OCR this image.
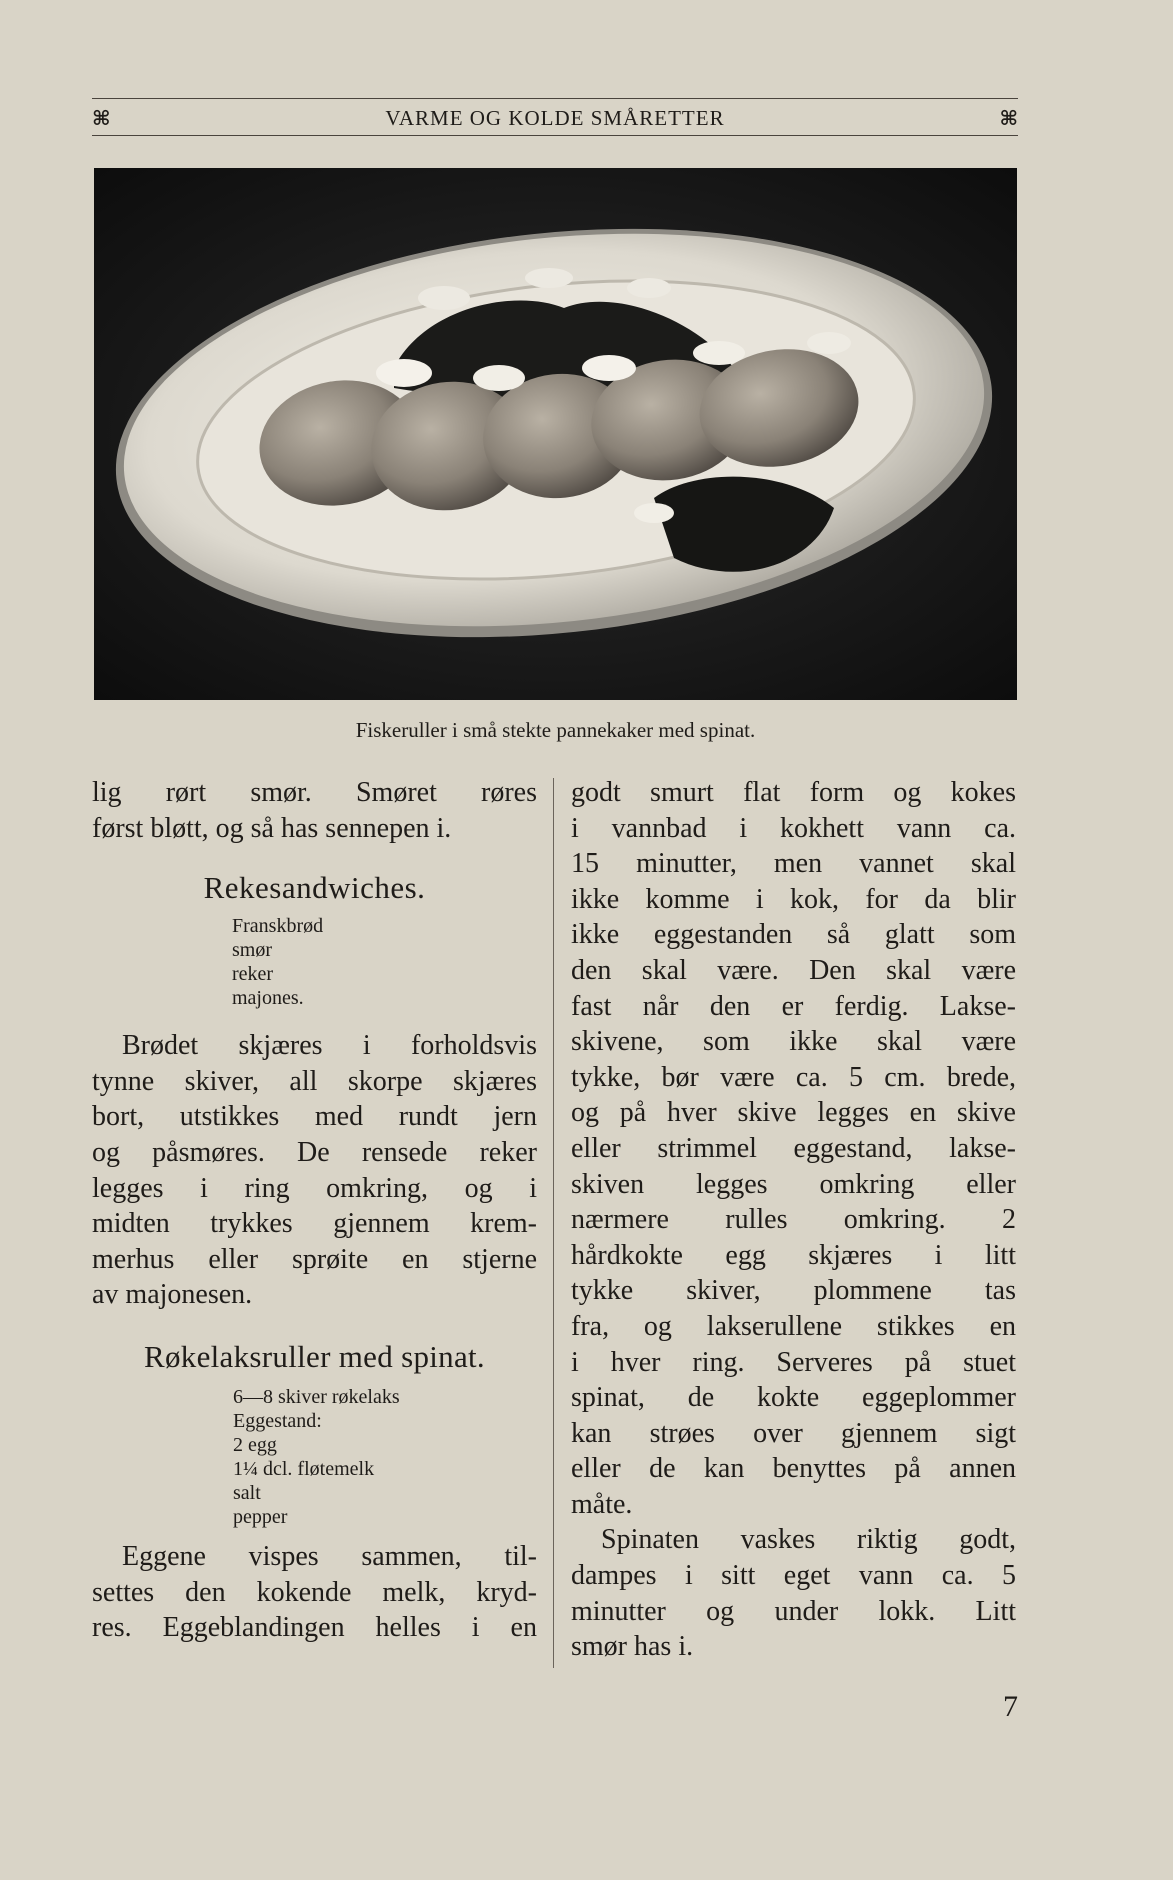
⌘	VARME OG KOLDE SMÅRETTER	⌘
Fiskeruller i små stekte pannekaker med spinat.
lig rørt smør. Smøret røres
først bløtt, og så has sennepen i.
Rekesandwiches.
Franskbrød
smør
reker
majones.
Brødet skjæres i forholdsvis
tynne skiver, all skorpe skjæres
bort, utstikkes med rundt jern
og påsmøres. De rensede reker
legges i ring omkring, og i
midten trykkes gjennem krem-
merhus eller sprøite en stjerne
av majonesen.
Røkelaksruller med spinat.
6—8 skiver røkelaks
Eggestand:
2 egg
1¼ dcl. fløtemelk
salt
pepper
Eggene vispes sammen, til-
settes den kokende melk, kryd-
res. Eggeblandingen helles i en
godt smurt flat form og kokes
i vannbad i kokhett vann ca.
15 minutter, men vannet skal
ikke komme i kok, for da blir
ikke eggestanden så glatt som
den skal være. Den skal være
fast når den er ferdig. Lakse-
skivene, som ikke skal være
tykke, bør være ca. 5 cm. brede,
og på hver skive legges en skive
eller strimmel eggestand, lakse-
skiven legges omkring eller
nærmere rulles omkring. 2
hårdkokte egg skjæres i litt
tykke skiver, plommene tas
fra, og lakserullene stikkes en
i hver ring. Serveres på stuet
spinat, de kokte eggeplommer
kan strøes over gjennem sigt
eller de kan benyttes på annen
måte.
Spinaten vaskes riktig godt,
dampes i sitt eget vann ca. 5
minutter og under lokk. Litt
smør has i.
7
